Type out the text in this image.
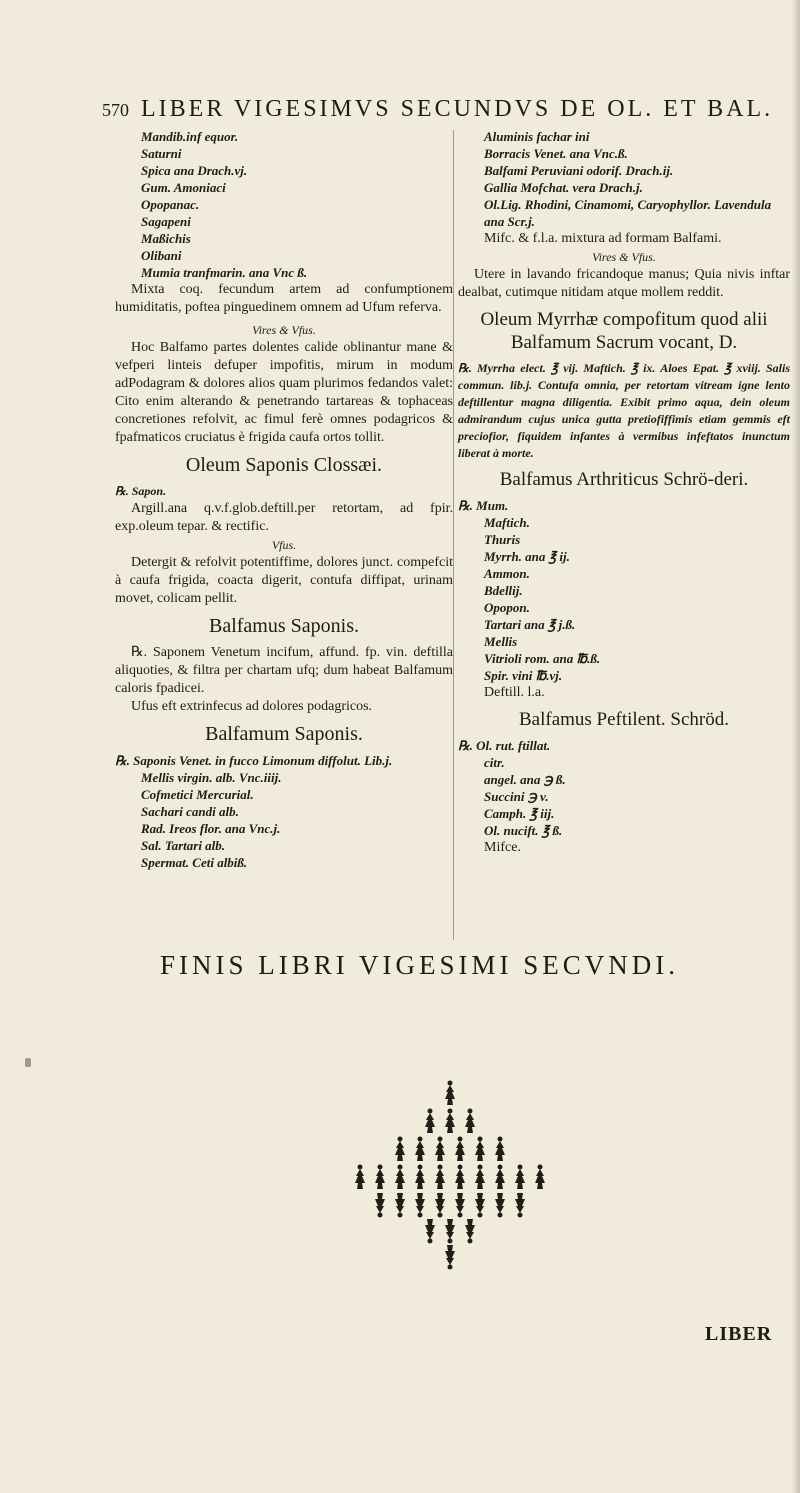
570 LIBER VIGESIMVS SECUNDVS DE OL. ET BAL.
Mandib.inf equor.
Saturni
Spica ana Drach.vj.
Gum. Amoniaci
Opopanac.
Sagapeni
Maßichis
Olibani
Mumia tranfmarin. ana Vnc ß.
Mixta coq. fecundum artem ad confumptionem humiditatis, poftea pinguedinem omnem ad Ufum referva.
Vires & Vfus.
Hoc Balfamo partes dolentes calide oblinantur mane & vefperi linteis defuper impofitis, mirum in modum adPodagram & dolores alios quam plurimos fedandos valet: Cito enim alterando & penetrando tartareas & tophaceas concretiones refolvit, ac fimul ferè omnes podagricos & fpafmaticos cruciatus è frigida caufa ortos tollit.
Oleum Saponis Clossæi.
℞. Sapon.
Argill.ana q.v.f.glob.deftill.per retortam, ad fpir. exp.oleum tepar. & rectific.
Vfus.
Detergit & refolvit potentiffime, dolores junct. compefcit à caufa frigida, coacta digerit, contufa diffipat, urinam movet, colicam pellit.
Balfamus Saponis.
℞. Saponem Venetum incifum, affund. fp. vin. deftilla aliquoties, & filtra per chartam ufq; dum habeat Balfamum caloris fpadicei.
Ufus eft extrinfecus ad dolores podagricos.
Balfamum Saponis.
℞. Saponis Venet. in fucco Limonum diffolut. Lib.j.
Mellis virgin. alb. Vnc.iiij.
Cofmetici Mercurial.
Sachari candi alb.
Rad. Ireos flor. ana Vnc.j.
Sal. Tartari alb.
Spermat. Ceti albiß.
Aluminis fachar ini
Borracis Venet. ana Vnc.ß.
Balfami Peruviani odorif. Drach.ij.
Gallia Mofchat. vera Drach.j.
Ol.Lig. Rhodini, Cinamomi, Caryophyllor. Lavendula ana Scr.j.
Mifc. & f.l.a. mixtura ad formam Balfami.
Vires & Vfus.
Utere in lavando fricandoque manus; Quia nivis inftar dealbat, cutimque nitidam atque mollem reddit.
Oleum Myrrhæ compofitum quod alii Balfamum Sacrum vocant, D.
℞. Myrrha elect. ℥ vij. Maftich. ℥ ix. Aloes Epat. ℥ xviij. Salis commun. lib.j. Contufa omnia, per retortam vitream igne lento deftillentur magna diligentia. Exibit primo aqua, dein oleum admirandum cujus unica gutta pretiofiffimis etiam gemmis eft preciofior, fiquidem infantes à vermibus infeftatos inunctum liberat à morte.
Balfamus Arthriticus Schrö-deri.
℞. Mum.
Maftich.
Thuris
Myrrh. ana ℥ ij.
Ammon.
Bdellij.
Opopon.
Tartari ana ℥ j.ß.
Mellis
Vitrioli rom. ana ℔.ß.
Spir. vini ℔.vj.
Deftill. l.a.
Balfamus Peftilent. Schröd.
℞. Ol. rut. ftillat.
citr.
angel. ana ℈ ß.
Succini ℈ v.
Camph. ℥ iij.
Ol. nucift. ℥ ß.
Mifce.
FINIS LIBRI VIGESIMI SECVNDI.
LIBER
